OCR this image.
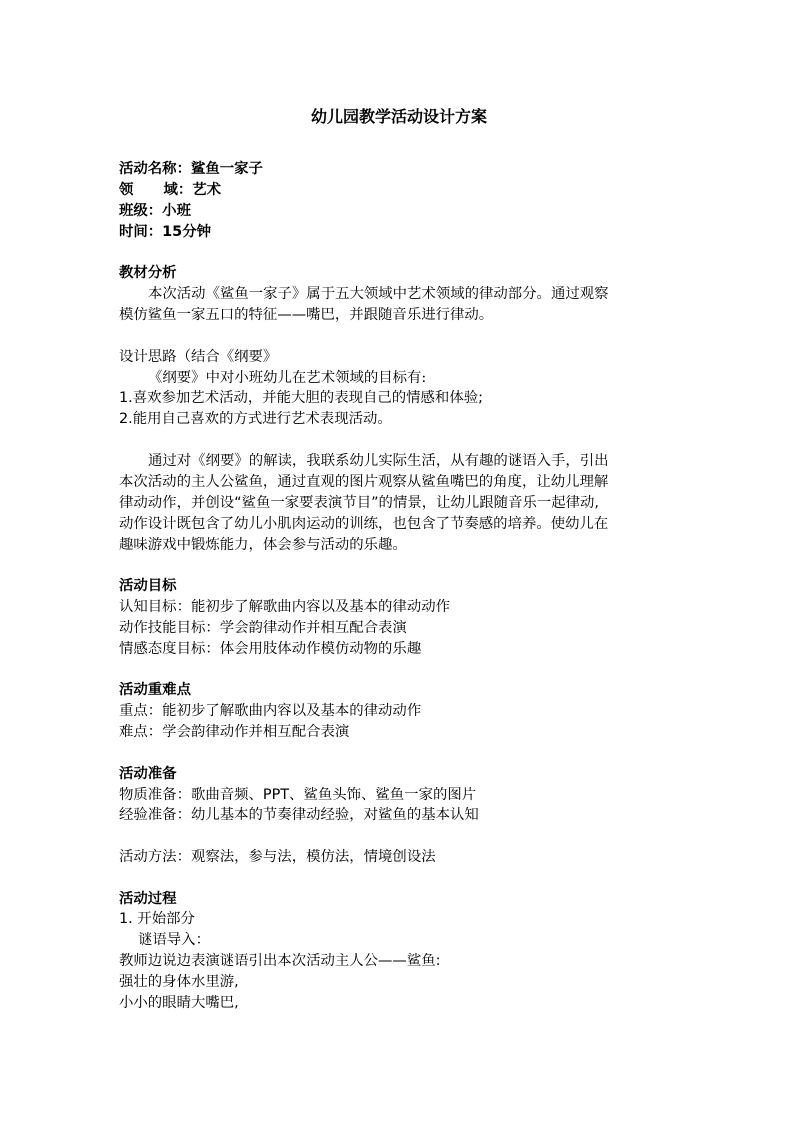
幼儿园教学活动设计方案
活动名称：鲨鱼一家子
领      域：艺术
班级：小班
时间：15分钟
教材分析
本次活动《鲨鱼一家子》属于五大领域中艺术领域的律动部分。通过观察
模仿鲨鱼一家五口的特征——嘴巴，并跟随音乐进行律动。
设计思路（结合《纲要》
《纲要》中对小班幼儿在艺术领域的目标有:
1.喜欢参加艺术活动，并能大胆的表现自己的情感和体验;
2.能用自己喜欢的方式进行艺术表现活动。
通过对《纲要》的解读，我联系幼儿实际生活，从有趣的谜语入手，引出
本次活动的主人公鲨鱼，通过直观的图片观察从鲨鱼嘴巴的角度，让幼儿理解
律动动作，并创设“鲨鱼一家要表演节目”的情景，让幼儿跟随音乐一起律动,
动作设计既包含了幼儿小肌肉运动的训练，也包含了节奏感的培养。使幼儿在
趣味游戏中锻炼能力，体会参与活动的乐趣。
活动目标
认知目标：能初步了解歌曲内容以及基本的律动动作
动作技能目标：学会韵律动作并相互配合表演
情感态度目标：体会用肢体动作模仿动物的乐趣
活动重难点
重点：能初步了解歌曲内容以及基本的律动动作
难点：学会韵律动作并相互配合表演
活动准备
物质准备：歌曲音频、PPT、鲨鱼头饰、鲨鱼一家的图片
经验准备：幼儿基本的节奏律动经验，对鲨鱼的基本认知
活动方法：观察法，参与法，模仿法，情境创设法
活动过程
1. 开始部分
谜语导入：
教师边说边表演谜语引出本次活动主人公——鲨鱼:
强壮的身体水里游,
小小的眼睛大嘴巴,
